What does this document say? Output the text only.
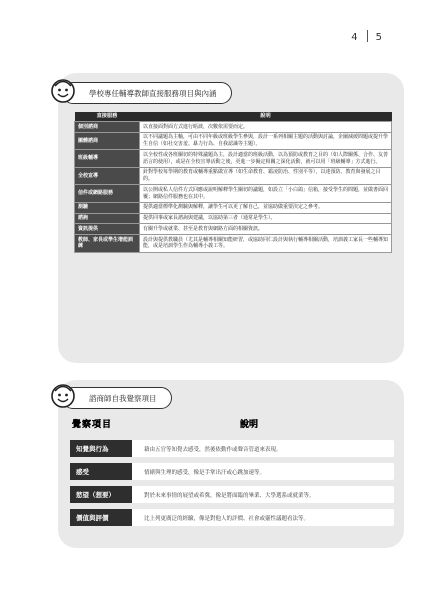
4 5
學校專任輔導教師直接服務項目與內涵
直接服務	說明
個別諮商	以直接面對面方式進行晤談，次數依需要而定。
團體諮商	以不同議題為主軸，可由不同年級或班級學生參與，設計一系列相關主題的活動與討論，企圖減緩問題或提升學生自信（如社交害羞、暴力行為、自我認識等主題）。
班級輔導	以全校性或各班關切的特殊議題為主，設計適當的班級活動，以為預防或教育之目的（如人際關係、合作、友善語言的使用），或是在全校宣導活動之後，更進一步擬定相關之深化活動，就可以用「班級輔導」方式進行。
全校宣導	針對學校每學期的教育或輔導重點做宣導（如生命教育、霸凌防治、性別平等），以達預防、教育與發展之目的。
信件或網路服務	以公開或私人信件方式回應或說明解釋學生關切的議題，如設立「小白鴿」信箱，接受學生的問題，並做書面回覆；網路信件服務也在其中。
測驗	提供適當標準化測驗與解釋，讓學生可以更了解自己，並協助做重要決定之參考。
諮詢	提供同事或家長諮詢與建議，以協助第三者（通常是學生）。
資訊提供	有關升學或就業、甚至是教育與網路方面的相關資訊。
教師、家長或學生增能訓練	設計與提供教職員（尤其是輔導相關知能研習，或協助同仁設計與執行輔導相關活動，培訓義工家長一些輔導知能，或是培訓學生作為輔導小義工等。
諮商師自我覺察項目
覺察項目	說明
知覺與行為	藉由五官等知覺去感受，然後依動作或聲音管道來表現。
感受	情緒與生理的感受，像是手掌出汗或心跳加速等。
慾望（想要）	對於未來事情的展望或希冀，像是將面臨的畢業、大學選系或就業等。
價值與評價	比上列更廣泛的經驗，像是對他人的評價、社會或靈性議題看法等。
